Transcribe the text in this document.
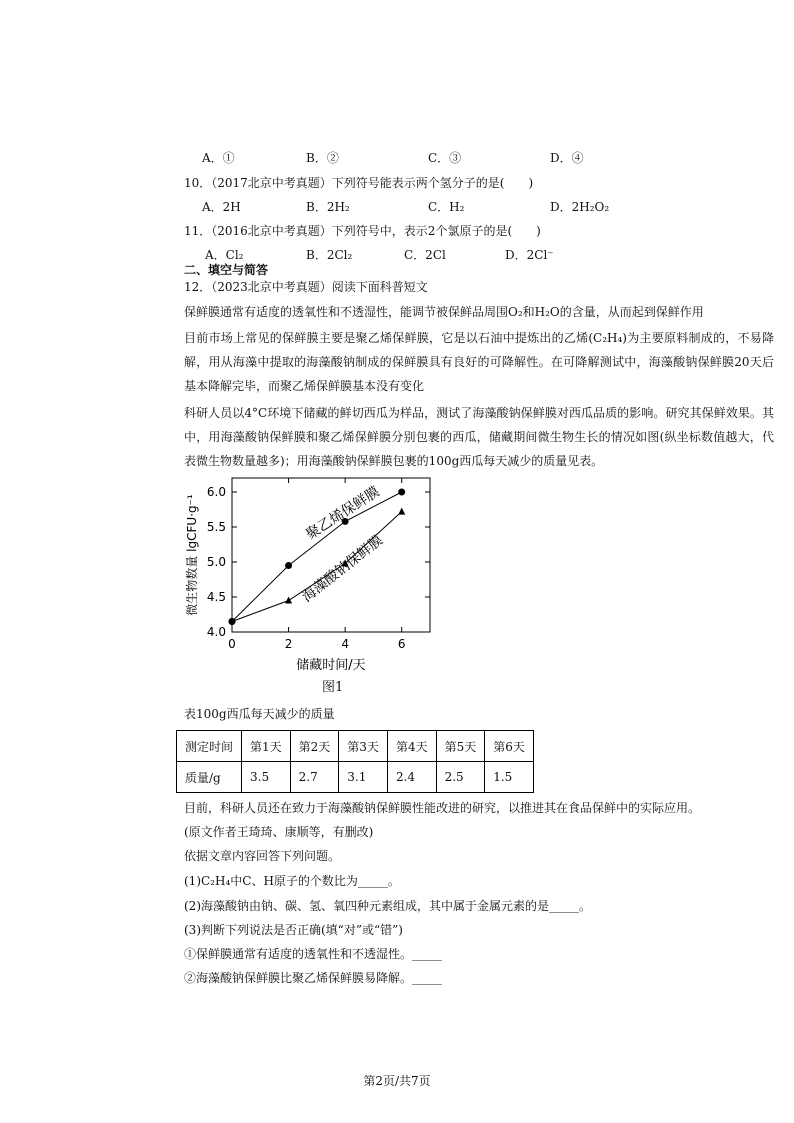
A．①	B．②	C．③	D．④
10．（2017北京中考真题）下列符号能表示两个氢分子的是(　　)
A．2H	B．2H₂	C．H₂	D．2H₂O₂
11．（2016北京中考真题）下列符号中，表示2个氯原子的是(　　)
A．Cl₂	B．2Cl₂	C．2Cl	D．2Cl⁻
二、填空与简答
12．（2023北京中考真题）阅读下面科普短文
保鲜膜通常有适度的透氧性和不透湿性，能调节被保鲜品周围O₂和H₂O的含量，从而起到保鲜作用
目前市场上常见的保鲜膜主要是聚乙烯保鲜膜，它是以石油中提炼出的乙烯(C₂H₄)为主要原料制成的，不易降解，用从海藻中提取的海藻酸钠制成的保鲜膜具有良好的可降解性。在可降解测试中，海藻酸钠保鲜膜20天后基本降解完毕，而聚乙烯保鲜膜基本没有变化
科研人员以4°C环境下储藏的鲜切西瓜为样品，测试了海藻酸钠保鲜膜对西瓜品质的影响。研究其保鲜效果。其中，用海藻酸钠保鲜膜和聚乙烯保鲜膜分别包裹的西瓜，储藏期间微生物生长的情况如图(纵坐标数值越大，代表微生物数量越多)；用海藻酸钠保鲜膜包裹的100g西瓜每天减少的质量见表。
4.0
4.5
5.0
5.5
6.0
0	2	4	6
储藏时间/天
微生物数量 lgCFU·g⁻¹	聚乙烯保鲜膜
海藻酸钠保鲜膜
图1
表100g西瓜每天减少的质量
测定时间	第1天	第2天	第3天	第4天	第5天	第6天
质量/g	3.5	2.7	3.1	2.4	2.5	1.5
目前，科研人员还在致力于海藻酸钠保鲜膜性能改进的研究，以推进其在食品保鲜中的实际应用。
(原文作者王琦琦、康顺等，有删改)
依据文章内容回答下列问题。
(1)C₂H₄中C、H原子的个数比为_____。
(2)海藻酸钠由钠、碳、氢、氧四种元素组成，其中属于金属元素的是_____。
(3)判断下列说法是否正确(填“对”或“错”)
①保鲜膜通常有适度的透氧性和不透湿性。_____
②海藻酸钠保鲜膜比聚乙烯保鲜膜易降解。_____
第2页/共7页
